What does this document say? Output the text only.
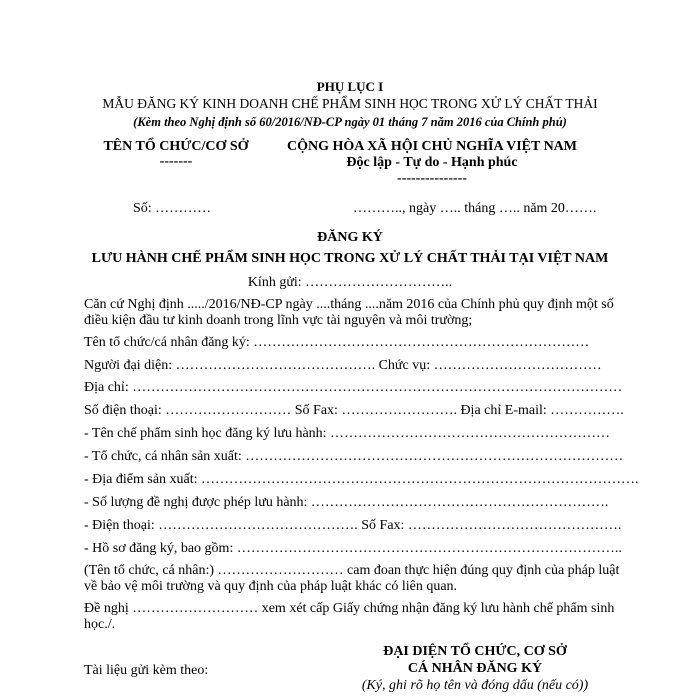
PHỤ LỤC I
MẪU ĐĂNG KÝ KINH DOANH CHẾ PHẨM SINH HỌC TRONG XỬ LÝ CHẤT THẢI
(Kèm theo Nghị định số 60/2016/NĐ-CP ngày 01 tháng 7 năm 2016 của Chính phủ)
TÊN TỔ CHỨC/CƠ SỞ
-------
CỘNG HÒA XÃ HỘI CHỦ NGHĨA VIỆT NAM
Độc lập - Tự do - Hạnh phúc
---------------
Số: …………	……….., ngày ….. tháng ….. năm 20…….
ĐĂNG KÝ
LƯU HÀNH CHẾ PHẨM SINH HỌC TRONG XỬ LÝ CHẤT THẢI TẠI VIỆT NAM
Kính gửi: …………………………..
Căn cứ Nghị định ...../2016/NĐ-CP ngày ....tháng ....năm 2016 của Chính phủ quy định một số
điều kiện đầu tư kinh doanh trong lĩnh vực tài nguyên và môi trường;
Tên tổ chức/cá nhân đăng ký: ………………………………………………………………
Người đại diện: ……………………………………. Chức vụ: ………………………………
Địa chỉ: ……………………………………………………………………………………………
Số điện thoại: ……………………… Số Fax: ……………………. Địa chỉ E-mail: …………….
- Tên chế phẩm sinh học đăng ký lưu hành: ……………………………………………………
- Tổ chức, cá nhân sản xuất: ………………………………………………………………………
- Địa điểm sản xuất: ………………………………………………………………………………….
- Số lượng đề nghị được phép lưu hành: ……………………………………………………….
- Điện thoại: ……………………………………. Số Fax: ……………………………………….
- Hồ sơ đăng ký, bao gồm: ………………………………………………………………………..
(Tên tổ chức, cá nhân:) ……………………… cam đoan thực hiện đúng quy định của pháp luật
về bảo vệ môi trường và quy định của pháp luật khác có liên quan.
Đề nghị ……………………… xem xét cấp Giấy chứng nhận đăng ký lưu hành chế phẩm sinh
học./.
ĐẠI DIỆN TỔ CHỨC, CƠ SỞ
CÁ NHÂN ĐĂNG KÝ
Tài liệu gửi kèm theo:
(Ký, ghi rõ họ tên và đóng dấu (nếu có))
